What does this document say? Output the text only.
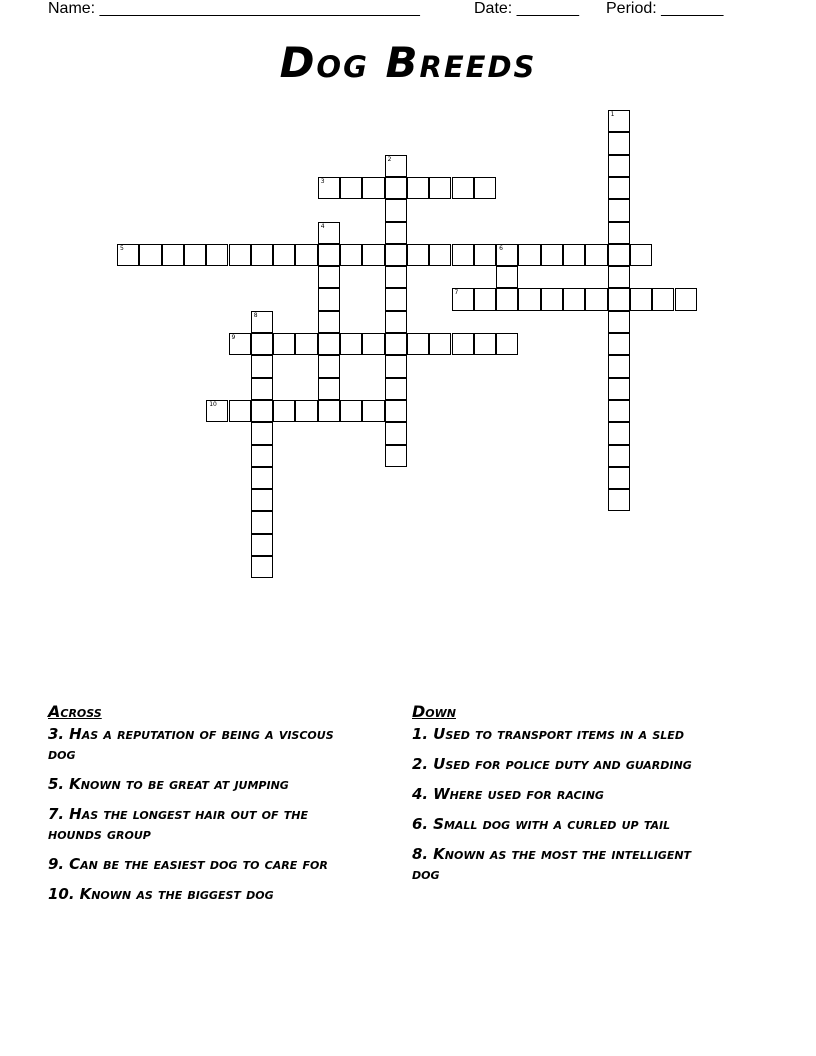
Name: ____________________________________	Date: _______ Period: _______
Dog Breeds
1
2
3
4
5	6
7
8
9
10
Across
3. Has a reputation of being a viscous dog
5. Known to be great at jumping
7. Has the longest hair out of the hounds group
9. Can be the easiest dog to care for
10. Known as the biggest dog
Down
1. Used to transport items in a sled
2. Used for police duty and guarding
4. Where used for racing
6. Small dog with a curled up tail
8. Known as the most the intelligent dog
